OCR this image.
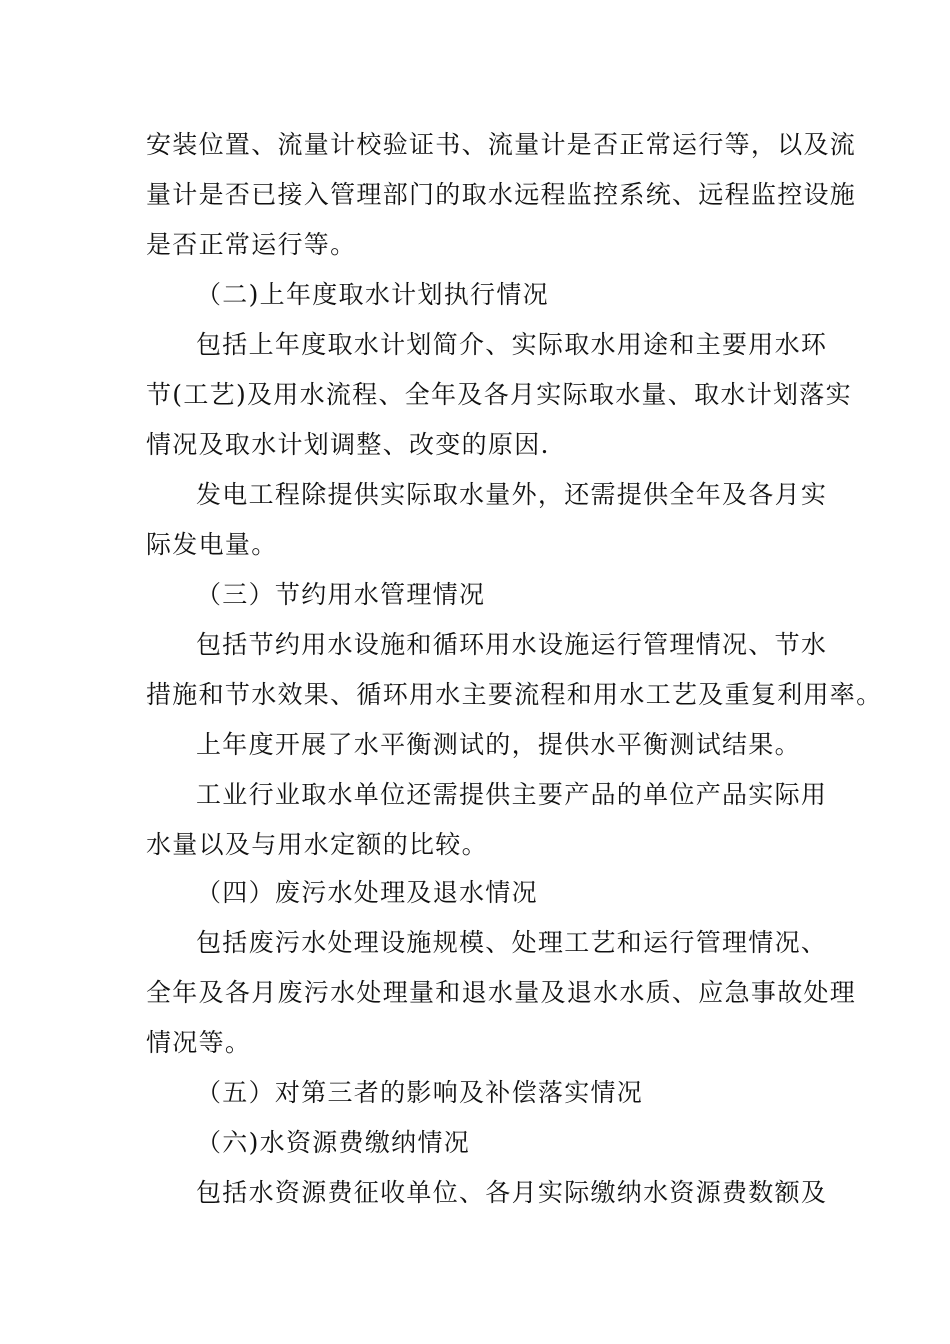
安装位置、流量计校验证书、流量计是否正常运行等，以及流
量计是否已接入管理部门的取水远程监控系统、远程监控设施
是否正常运行等。
（二)上年度取水计划执行情况
包括上年度取水计划简介、实际取水用途和主要用水环
节(工艺)及用水流程、全年及各月实际取水量、取水计划落实
情况及取水计划调整、改变的原因.
发电工程除提供实际取水量外，还需提供全年及各月实
际发电量。
（三）节约用水管理情况
包括节约用水设施和循环用水设施运行管理情况、节水
措施和节水效果、循环用水主要流程和用水工艺及重复利用率。
上年度开展了水平衡测试的，提供水平衡测试结果。
工业行业取水单位还需提供主要产品的单位产品实际用
水量以及与用水定额的比较。
（四）废污水处理及退水情况
包括废污水处理设施规模、处理工艺和运行管理情况、
全年及各月废污水处理量和退水量及退水水质、应急事故处理
情况等。
（五）对第三者的影响及补偿落实情况
（六)水资源费缴纳情况
包括水资源费征收单位、各月实际缴纳水资源费数额及
